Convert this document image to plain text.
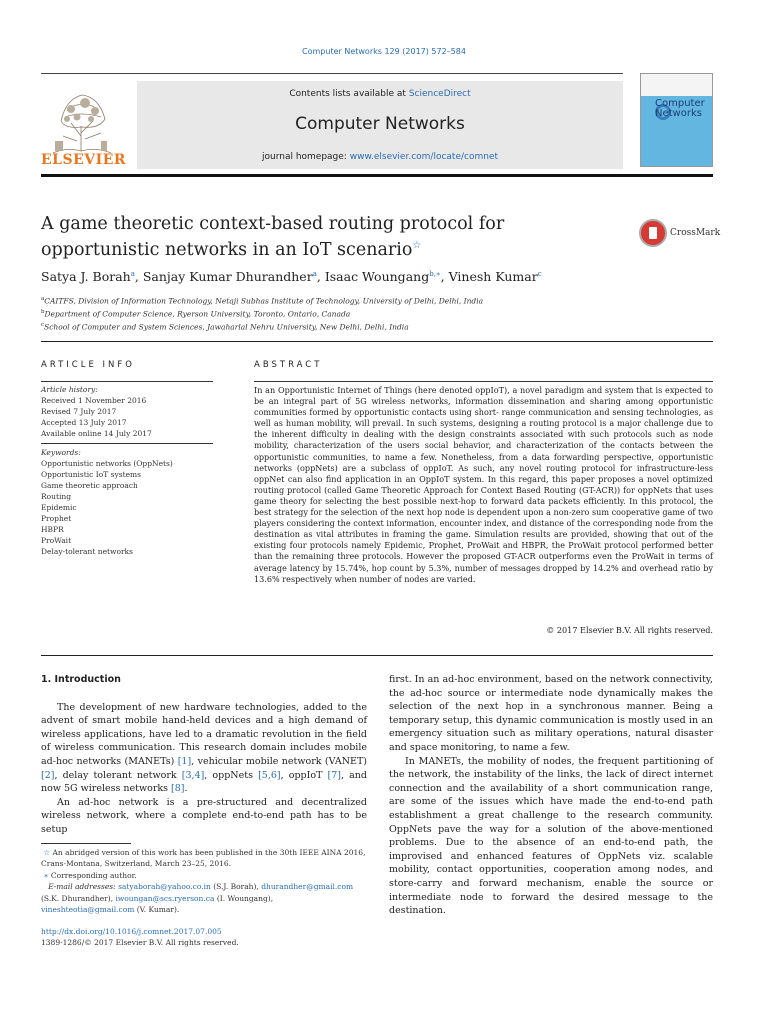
Computer Networks 129 (2017) 572–584
ELSEVIER
Contents lists available at ScienceDirect
Computer Networks
journal homepage: www.elsevier.com/locate/comnet
Computer
Networks
A game theoretic context-based routing protocol for opportunistic networks in an IoT scenario☆
CrossMark
Satya J. Borah$^a$, Sanjay Kumar Dhurandher$^a$, Isaac Woungang$^{b,∗}$, Vinesh Kumar$^c$
$^a$CAITFS, Division of Information Technology, Netaji Subhas Institute of Technology, University of Delhi, Delhi, India
$^b$Department of Computer Science, Ryerson University, Toronto, Ontario, Canada
$^c$School of Computer and System Sciences, Jawaharlal Nehru University, New Delhi, Delhi, India
ARTICLE INFO	ABSTRACT
Article history:
Received 1 November 2016
Revised 7 July 2017
Accepted 13 July 2017
Available online 14 July 2017
Keywords:
Opportunistic networks (OppNets)
Opportunistic IoT systems
Game theoretic approach
Routing
Epidemic
Prophet
HBPR
ProWait
Delay-tolerant networks
In an Opportunistic Internet of Things (here denoted oppIoT), a novel paradigm and system that is expected to be an integral part of 5G wireless networks, information dissemination and sharing among opportunistic communities formed by opportunistic contacts using short- range communication and sensing technologies, as well as human mobility, will prevail. In such systems, designing a routing protocol is a major challenge due to the inherent difficulty in dealing with the design constraints associated with such protocols such as node mobility, characterization of the users social behavior, and characterization of the contacts between the opportunistic communities, to name a few. Nonetheless, from a data forwarding perspective, opportunistic networks (oppNets) are a subclass of oppIoT. As such, any novel routing protocol for infrastructure-less oppNet can also find application in an OppIoT system. In this regard, this paper proposes a novel optimized routing protocol (called Game Theoretic Approach for Context Based Routing (GT-ACR)) for oppNets that uses game theory for selecting the best possible next-hop to forward data packets efficiently. In this protocol, the best strategy for the selection of the next hop node is dependent upon a non-zero sum cooperative game of two players considering the context information, encounter index, and distance of the corresponding node from the destination as vital attributes in framing the game. Simulation results are provided, showing that out of the existing four protocols namely Epidemic, Prophet, ProWait and HBPR, the ProWait protocol performed better than the remaining three protocols. However the proposed GT-ACR outperforms even the ProWait in terms of average latency by 15.74%, hop count by 5.3%, number of messages dropped by 14.2% and overhead ratio by 13.6% respectively when number of nodes are varied.
© 2017 Elsevier B.V. All rights reserved.
1. Introduction
The development of new hardware technologies, added to the advent of smart mobile hand-held devices and a high demand of wireless applications, have led to a dramatic revolution in the field of wireless communication. This research domain includes mobile ad-hoc networks (MANETs) [1], vehicular mobile network (VANET) [2], delay tolerant network [3,4], oppNets [5,6], oppIoT [7], and now 5G wireless networks [8].
An ad-hoc network is a pre-structured and decentralized wireless network, where a complete end-to-end path has to be setup
first. In an ad-hoc environment, based on the network connectivity, the ad-hoc source or intermediate node dynamically makes the selection of the next hop in a synchronous manner. Being a temporary setup, this dynamic communication is mostly used in an emergency situation such as military operations, natural disaster and space monitoring, to name a few.
In MANETs, the mobility of nodes, the frequent partitioning of the network, the instability of the links, the lack of direct internet connection and the availability of a short communication range, are some of the issues which have made the end-to-end path establishment a great challenge to the research community. OppNets pave the way for a solution of the above-mentioned problems. Due to the absence of an end-to-end path, the improvised and enhanced features of OppNets viz. scalable mobility, contact opportunities, cooperation among nodes, and store-carry and forward mechanism, enable the source or intermediate node to forward the desired message to the destination.
☆ An abridged version of this work has been published in the 30th IEEE AINA 2016, Crans-Montana, Switzerland, March 23–25, 2016.
∗ Corresponding author.
E-mail addresses: satyaborah@yahoo.co.in (S.J. Borah), dhurandher@gmail.com (S.K. Dhurandher), iwoungan@scs.ryerson.ca (I. Woungang), vineshteotia@gmail.com (V. Kumar).
http://dx.doi.org/10.1016/j.comnet.2017.07.005
1389-1286/© 2017 Elsevier B.V. All rights reserved.
